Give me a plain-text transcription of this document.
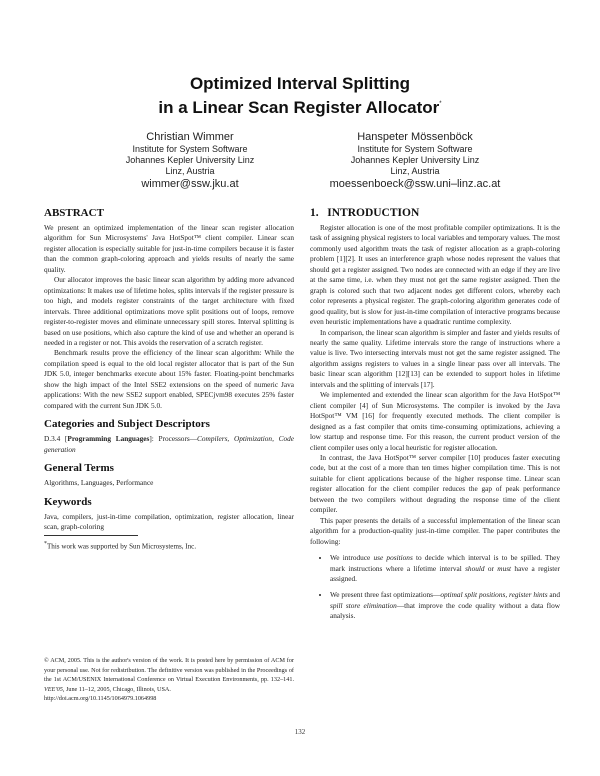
Optimized Interval Splitting
in a Linear Scan Register Allocator*
Christian Wimmer
Institute for System Software
Johannes Kepler University Linz
Linz, Austria
wimmer@ssw.jku.at
Hanspeter Mössenböck
Institute for System Software
Johannes Kepler University Linz
Linz, Austria
moessenboeck@ssw.uni–linz.ac.at
ABSTRACT

We present an optimized implementation of the linear scan register allocation algorithm for Sun Microsystems' Java HotSpot™ client compiler. Linear scan register allocation is especially suitable for just-in-time compilers because it is faster than the common graph-coloring approach and yields results of nearly the same quality.

Our allocator improves the basic linear scan algorithm by adding more advanced optimizations: It makes use of lifetime holes, splits intervals if the register pressure is too high, and models register constraints of the target architecture with fixed intervals. Three additional optimizations move split positions out of loops, remove register-to-register moves and eliminate unnecessary spill stores. Interval splitting is based on use positions, which also capture the kind of use and whether an operand is needed in a register or not. This avoids the reservation of a scratch register.

Benchmark results prove the efficiency of the linear scan algorithm: While the compilation speed is equal to the old local register allocator that is part of the Sun JDK 5.0, integer benchmarks execute about 15% faster. Floating-point benchmarks show the high impact of the Intel SSE2 extensions on the speed of numeric Java applications: With the new SSE2 support enabled, SPECjvm98 executes 25% faster compared with the current Sun JDK 5.0.

Categories and Subject Descriptors

D.3.4 [Programming Languages]: Processors—Compilers, Optimization, Code generation

General Terms

Algorithms, Languages, Performance

Keywords

Java, compilers, just-in-time compilation, optimization, register allocation, linear scan, graph-coloring

*This work was supported by Sun Microsystems, Inc.

© ACM, 2005. This is the author's version of the work. It is posted here by permission of ACM for your personal use. Not for redistribution. The definitive version was published in the Proceedings of the 1st ACM/USENIX International Conference on Virtual Execution Environments, pp. 132–141. VEE'05, June 11–12, 2005, Chicago, Illinois, USA.
http://doi.acm.org/10.1145/1064979.1064998
1.   INTRODUCTION

Register allocation is one of the most profitable compiler optimizations. It is the task of assigning physical registers to local variables and temporary values. The most commonly used algorithm treats the task of register allocation as a graph-coloring problem [1][2]. It uses an interference graph whose nodes represent the values that should get a register assigned. Two nodes are connected with an edge if they are live at the same time, i.e. when they must not get the same register assigned. Then the graph is colored such that two adjacent nodes get different colors, whereby each color represents a physical register. The graph-coloring algorithm generates code of good quality, but is slow for just-in-time compilation of interactive programs because even heuristic implementations have a quadratic runtime complexity.

In comparison, the linear scan algorithm is simpler and faster and yields results of nearly the same quality. Lifetime intervals store the range of instructions where a value is live. Two intersecting intervals must not get the same register assigned. The algorithm assigns registers to values in a single linear pass over all intervals. The basic linear scan algorithm [12][13] can be extended to support holes in lifetime intervals and the splitting of intervals [17].

We implemented and extended the linear scan algorithm for the Java HotSpot™ client compiler [4] of Sun Microsystems. The compiler is invoked by the Java HotSpot™ VM [16] for frequently executed methods. The client compiler is designed as a fast compiler that omits time-consuming optimizations, achieving a low startup and response time. For this reason, the current product version of the client compiler uses only a local heuristic for register allocation.

In contrast, the Java HotSpot™ server compiler [10] produces faster executing code, but at the cost of a more than ten times higher compilation time. This is not suitable for client applications because of the higher response time. Linear scan register allocation for the client compiler reduces the gap of peak performance between the two compilers without degrading the response time of the client compiler.

This paper presents the details of a successful implementation of the linear scan algorithm for a production-quality just-in-time compiler. The paper contributes the following:

• We introduce use positions to decide which interval is to be spilled. They mark instructions where a lifetime interval should or must have a register assigned.
• We present three fast optimizations—optimal split positions, register hints and spill store elimination—that improve the code quality without a data flow analysis.
132
